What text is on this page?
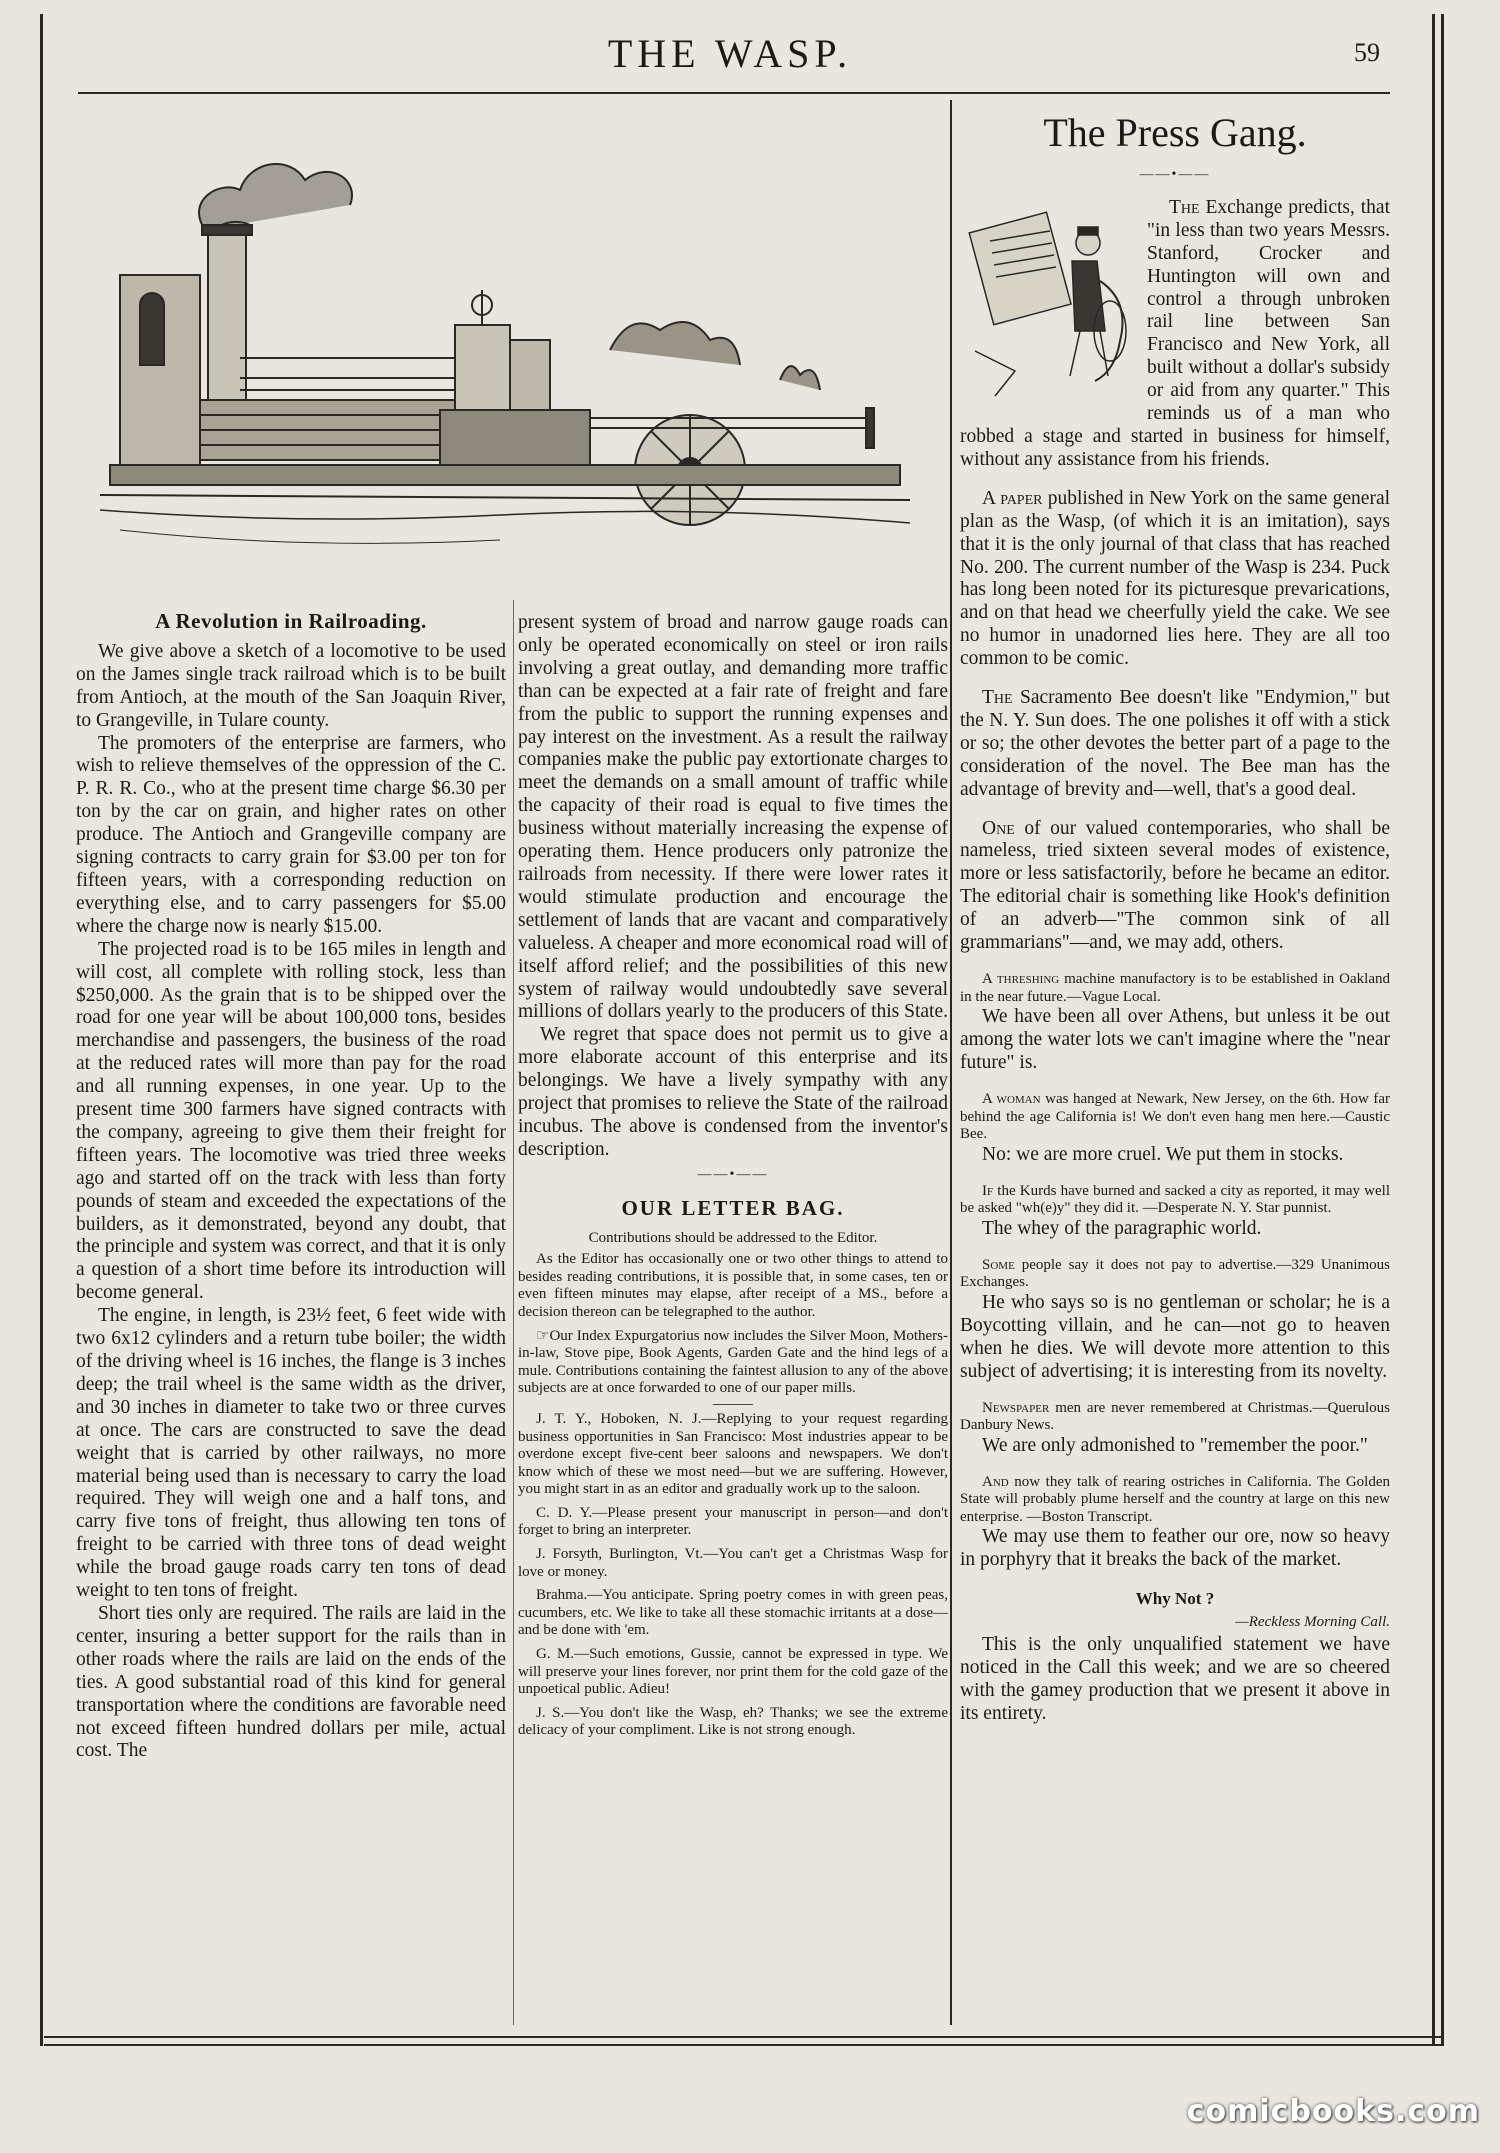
THE WASP.	59
A Revolution in Railroading.

We give above a sketch of a locomotive to be used on the James single track railroad which is to be built from Antioch, at the mouth of the San Joaquin River, to Grangeville, in Tulare county.

The promoters of the enterprise are farmers, who wish to relieve themselves of the oppression of the C. P. R. R. Co., who at the present time charge $6.30 per ton by the car on grain, and higher rates on other produce. The Antioch and Grangeville company are signing contracts to carry grain for $3.00 per ton for fifteen years, with a corresponding reduction on everything else, and to carry passengers for $5.00 where the charge now is nearly $15.00.

The projected road is to be 165 miles in length and will cost, all complete with rolling stock, less than $250,000. As the grain that is to be shipped over the road for one year will be about 100,000 tons, besides merchandise and passengers, the business of the road at the reduced rates will more than pay for the road and all running expenses, in one year. Up to the present time 300 farmers have signed contracts with the company, agreeing to give them their freight for fifteen years. The locomotive was tried three weeks ago and started off on the track with less than forty pounds of steam and exceeded the expectations of the builders, as it demonstrated, beyond any doubt, that the principle and system was correct, and that it is only a question of a short time before its introduction will become general.

The engine, in length, is 23½ feet, 6 feet wide with two 6x12 cylinders and a return tube boiler; the width of the driving wheel is 16 inches, the flange is 3 inches deep; the trail wheel is the same width as the driver, and 30 inches in diameter to take two or three curves at once. The cars are constructed to save the dead weight that is carried by other railways, no more material being used than is necessary to carry the load required. They will weigh one and a half tons, and carry five tons of freight, thus allowing ten tons of freight to be carried with three tons of dead weight while the broad gauge roads carry ten tons of dead weight to ten tons of freight.

Short ties only are required. The rails are laid in the center, insuring a better support for the rails than in other roads where the rails are laid on the ends of the ties. A good substantial road of this kind for general transportation where the conditions are favorable need not exceed fifteen hundred dollars per mile, actual cost. The

present system of broad and narrow gauge roads can only be operated economically on steel or iron rails involving a great outlay, and demanding more traffic than can be expected at a fair rate of freight and fare from the public to support the running expenses and pay interest on the investment. As a result the railway companies make the public pay extortionate charges to meet the demands on a small amount of traffic while the capacity of their road is equal to five times the business without materially increasing the expense of operating them. Hence producers only patronize the railroads from necessity. If there were lower rates it would stimulate production and encourage the settlement of lands that are vacant and comparatively valueless. A cheaper and more economical road will of itself afford relief; and the possibilities of this new system of railway would undoubtedly save several millions of dollars yearly to the producers of this State.

We regret that space does not permit us to give a more elaborate account of this enterprise and its belongings. We have a lively sympathy with any project that promises to relieve the State of the railroad incubus. The above is condensed from the inventor's description.

——•——
OUR LETTER BAG.
Contributions should be addressed to the Editor.

As the Editor has occasionally one or two other things to attend to besides reading contributions, it is possible that, in some cases, ten or even fifteen minutes may elapse, after receipt of a MS., before a decision thereon can be telegraphed to the author.

☞Our Index Expurgatorius now includes the Silver Moon, Mothers-in-law, Stove pipe, Book Agents, Garden Gate and the hind legs of a mule. Contributions containing the faintest allusion to any of the above subjects are at once forwarded to one of our paper mills.

J. T. Y., Hoboken, N. J.—Replying to your request regarding business opportunities in San Francisco: Most industries appear to be overdone except five-cent beer saloons and newspapers. We don't know which of these we most need—but we are suffering. However, you might start in as an editor and gradually work up to the saloon.

C. D. Y.—Please present your manuscript in person—and don't forget to bring an interpreter.

J. Forsyth, Burlington, Vt.—You can't get a Christmas Wasp for love or money.

Brahma.—You anticipate. Spring poetry comes in with green peas, cucumbers, etc. We like to take all these stomachic irritants at a dose—and be done with 'em.

G. M.—Such emotions, Gussie, cannot be expressed in type. We will preserve your lines forever, nor print them for the cold gaze of the unpoetical public. Adieu!

J. S.—You don't like the Wasp, eh? Thanks; we see the extreme delicacy of your compliment. Like is not strong enough.

The Press Gang.
——•——

The Exchange predicts, that "in less than two years Messrs. Stanford, Crocker and Huntington will own and control a through unbroken rail line between San Francisco and New York, all built without a dollar's subsidy or aid from any quarter." This reminds us of a man who robbed a stage and started in business for himself, without any assistance from his friends.

A paper published in New York on the same general plan as the Wasp, (of which it is an imitation), says that it is the only journal of that class that has reached No. 200. The current number of the Wasp is 234. Puck has long been noted for its picturesque prevarications, and on that head we cheerfully yield the cake. We see no humor in unadorned lies here. They are all too common to be comic.

The Sacramento Bee doesn't like "Endymion," but the N. Y. Sun does. The one polishes it off with a stick or so; the other devotes the better part of a page to the consideration of the novel. The Bee man has the advantage of brevity and—well, that's a good deal.

One of our valued contemporaries, who shall be nameless, tried sixteen several modes of existence, more or less satisfactorily, before he became an editor. The editorial chair is something like Hook's definition of an adverb—"The common sink of all grammarians"—and, we may add, others.

A threshing machine manufactory is to be established in Oakland in the near future.—Vague Local.

We have been all over Athens, but unless it be out among the water lots we can't imagine where the "near future" is.

A woman was hanged at Newark, New Jersey, on the 6th. How far behind the age California is! We don't even hang men here.—Caustic Bee.

No: we are more cruel. We put them in stocks.

If the Kurds have burned and sacked a city as reported, it may well be asked "wh(e)y" they did it. —Desperate N. Y. Star punnist.

The whey of the paragraphic world.

Some people say it does not pay to advertise.—329 Unanimous Exchanges.

He who says so is no gentleman or scholar; he is a Boycotting villain, and he can—not go to heaven when he dies. We will devote more attention to this subject of advertising; it is interesting from its novelty.

Newspaper men are never remembered at Christmas.—Querulous Danbury News.

We are only admonished to "remember the poor."

And now they talk of rearing ostriches in California. The Golden State will probably plume herself and the country at large on this new enterprise. —Boston Transcript.

We may use them to feather our ore, now so heavy in porphyry that it breaks the back of the market.

Why Not ?
—Reckless Morning Call.

This is the only unqualified statement we have noticed in the Call this week; and we are so cheered with the gamey production that we present it above in its entirety.

comicbooks.com
